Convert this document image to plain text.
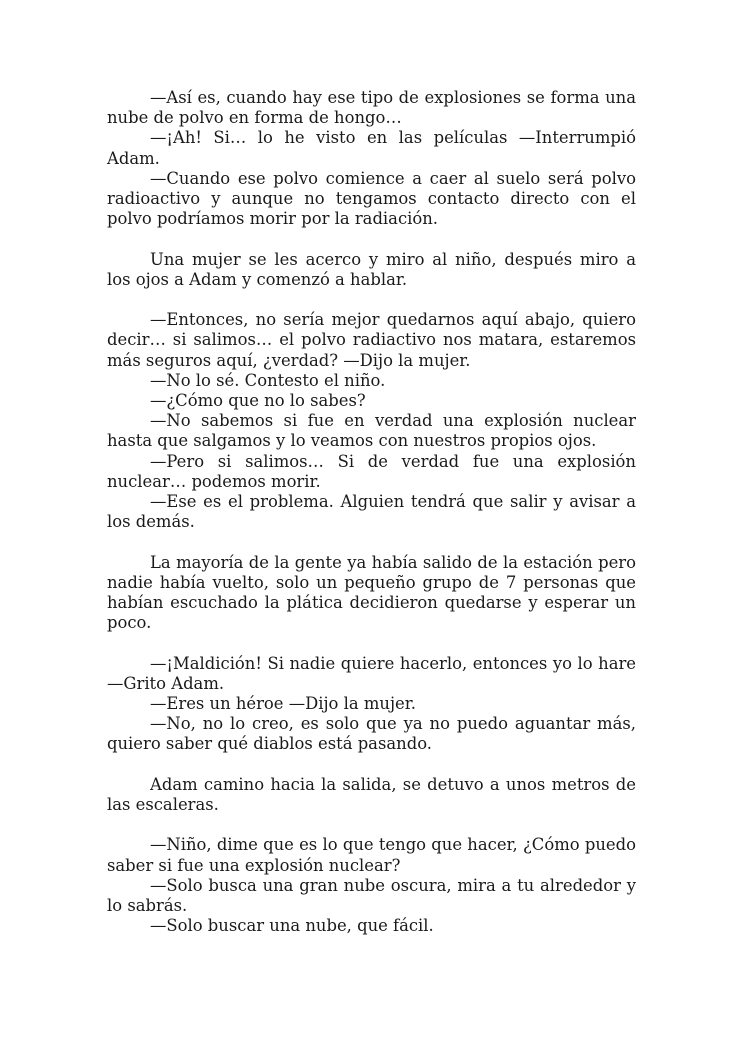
—Así es, cuando hay ese tipo de explosiones se forma una nube de polvo en forma de hongo…

—¡Ah! Si… lo he visto en las películas —Interrumpió Adam.

—Cuando ese polvo comience a caer al suelo será polvo radioactivo y aunque no tengamos contacto directo con el polvo podríamos morir por la radiación.

Una mujer se les acerco y miro al niño, después miro a los ojos a Adam y comenzó a hablar.

—Entonces, no sería mejor quedarnos aquí abajo, quiero decir… si salimos… el polvo radiactivo nos matara, estaremos más seguros aquí, ¿verdad? —Dijo la mujer.

—No lo sé. Contesto el niño.

—¿Cómo que no lo sabes?

—No sabemos si fue en verdad una explosión nuclear hasta que salgamos y lo veamos con nuestros propios ojos.

—Pero si salimos… Si de verdad fue una explosión nuclear… podemos morir.

—Ese es el problema. Alguien tendrá que salir y avisar a los demás.

La mayoría de la gente ya había salido de la estación pero nadie había vuelto, solo un pequeño grupo de 7 personas que habían escuchado la plática decidieron quedarse y esperar un poco.

—¡Maldición! Si nadie quiere hacerlo, entonces yo lo hare —Grito Adam.

—Eres un héroe —Dijo la mujer.

—No, no lo creo, es solo que ya no puedo aguantar más, quiero saber qué diablos está pasando.

Adam camino hacia la salida, se detuvo a unos metros de las escaleras.

—Niño, dime que es lo que tengo que hacer, ¿Cómo puedo saber si fue una explosión nuclear?

—Solo busca una gran nube oscura, mira a tu alrededor y lo sabrás.

—Solo buscar una nube, que fácil.
